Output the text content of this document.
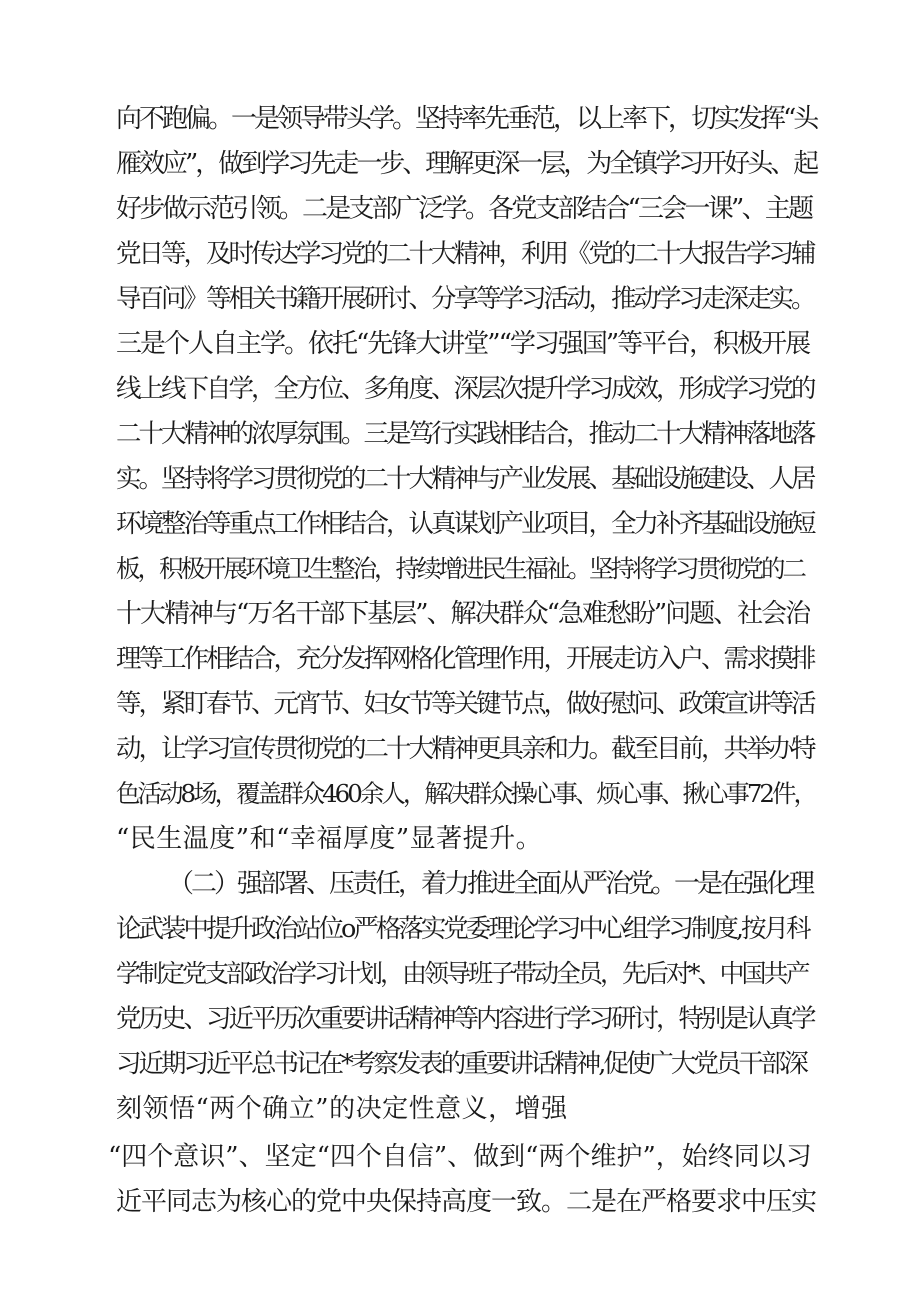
向不跑偏。一是领导带头学。坚持率先垂范，以上率下，切实发挥“头
雁效应”，做到学习先走一步、理解更深一层，为全镇学习开好头、起
好步做示范引领。二是支部广泛学。各党支部结合“三会一课”、主题
党日等，及时传达学习党的二十大精神，利用《党的二十大报告学习辅
导百问》等相关书籍开展研讨、分享等学习活动，推动学习走深走实。
三是个人自主学。依托“先锋大讲堂”“学习强国”等平台，积极开展
线上线下自学，全方位、多角度、深层次提升学习成效，形成学习党的
二十大精神的浓厚氛围。三是笃行实践相结合，推动二十大精神落地落
实。坚持将学习贯彻党的二十大精神与产业发展、基础设施建设、人居
环境整治等重点工作相结合，认真谋划产业项目，全力补齐基础设施短
板，积极开展环境卫生整治，持续增进民生福祉。坚持将学习贯彻党的二
十大精神与“万名干部下基层”、解决群众“急难愁盼”问题、社会治
理等工作相结合，充分发挥网格化管理作用，开展走访入户、需求摸排
等，紧盯春节、元宵节、妇女节等关键节点，做好慰问、政策宣讲等活
动，让学习宣传贯彻党的二十大精神更具亲和力。截至目前，共举办特
色活动8场，覆盖群众460余人，解决群众操心事、烦心事、揪心事72件，
“民生温度”和“幸福厚度”显著提升。
（二）强部署、压责任，着力推进全面从严治党。一是在强化理
论武装中提升政治站位o严格落实党委理论学习中心组学习制度,按月科
学制定党支部政治学习计划，由领导班子带动全员，先后对*、中国共产
党历史、习近平历次重要讲话精神等内容进行学习研讨，特别是认真学
习近期习近平总书记在*考察发表的重要讲话精神,促使广大党员干部深
刻领悟“两个确立”的决定性意义，增强
“四个意识”、坚定“四个自信”、做到“两个维护”，始终同以习
近平同志为核心的党中央保持高度一致。二是在严格要求中压实
